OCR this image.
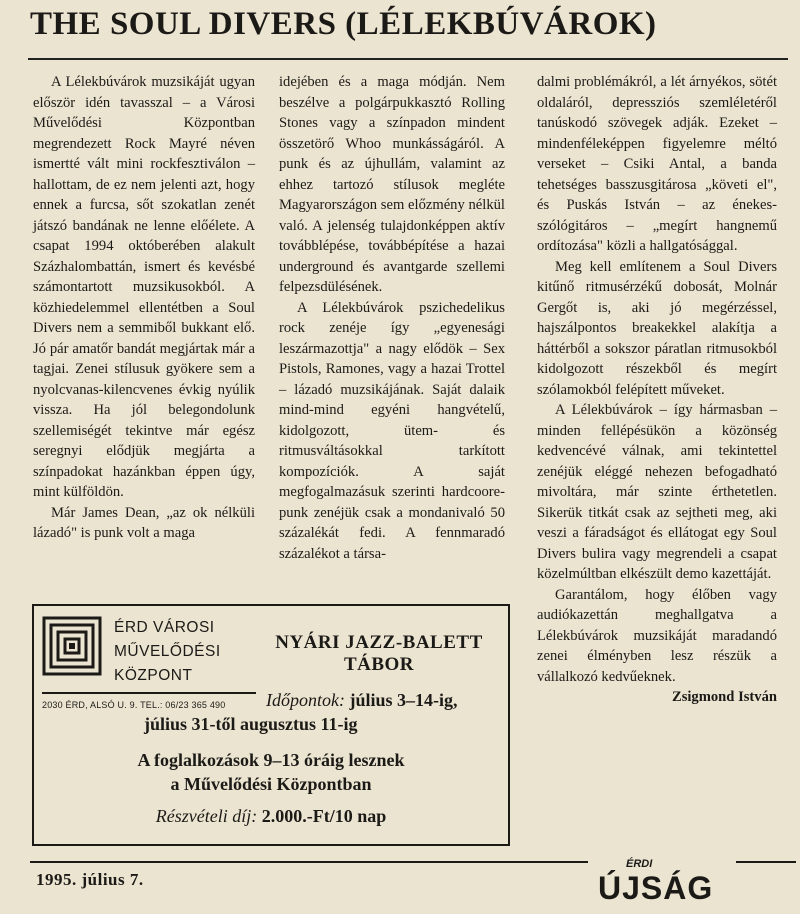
THE SOUL DIVERS (LÉLEKBÚVÁROK)

A Lélekbúvárok muzsikáját ugyan először idén tavasszal – a Városi Művelődési Központban megrendezett Rock Mayré néven ismertté vált mini rockfesztiválon – hallottam, de ez nem jelenti azt, hogy ennek a furcsa, sőt szokatlan zenét játszó bandának ne lenne előélete. A csapat 1994 októberében alakult Százhalombattán, ismert és kevésbé számontartott muzsikusokból. A közhiedelemmel ellentétben a Soul Divers nem a semmiből bukkant elő. Jó pár amatőr bandát megjártak már a tagjai. Zenei stílusuk gyökere sem a nyolcvanas-kilencvenes évkig nyúlik vissza. Ha jól belegondolunk szellemiségét tekintve már egész seregnyi elődjük megjárta a színpadokat hazánkban éppen úgy, mint külföldön.

Már James Dean, „az ok nélküli lázadó" is punk volt a maga

idejében és a maga módján. Nem beszélve a polgárpukkasztó Rolling Stones vagy a színpadon mindent összetörő Whoo munkásságáról. A punk és az újhullám, valamint az ehhez tartozó stílusok megléte Magyarországon sem előzmény nélkül való. A jelenség tulajdonképpen aktív továbblépése, továbbépítése a hazai underground és avantgarde szellemi felpezsdülésének.

A Lélekbúvárok pszichedelikus rock zenéje így „egyenesági leszármazottja" a nagy elődök – Sex Pistols, Ramones, vagy a hazai Trottel – lázadó muzsikájának. Saját dalaik mind-mind egyéni hangvételű, kidolgozott, ütem- és ritmusváltásokkal tarkított kompozíciók. A saját megfogalmazásuk szerinti hardcoore-punk zenéjük csak a mondanivaló 50 százalékát fedi. A fennmaradó százalékot a társa-

dalmi problémákról, a lét árnyékos, sötét oldaláról, depressziós szemléletéről tanúskodó szövegek adják. Ezeket – mindenféleképpen figyelemre méltó verseket – Csiki Antal, a banda tehetséges basszusgitárosa „követi el", és Puskás István – az énekes-szólógitáros – „megírt hangnemű ordítozása" közli a hallgatósággal.

Meg kell említenem a Soul Divers kitűnő ritmusérzékű dobosát, Molnár Gergőt is, aki jó megérzéssel, hajszálpontos breakekkel alakítja a háttérből a sokszor páratlan ritmusokból kidolgozott részekből és megírt szólamokból felépített műveket.

A Lélekbúvárok – így hármasban – minden fellépésükön a közönség kedvencévé válnak, ami tekintettel zenéjük eléggé nehezen befogadható mivoltára, már szinte érthetetlen. Sikerük titkát csak az sejtheti meg, aki veszi a fáradságot és ellátogat egy Soul Divers bulira vagy megrendeli a csapat közelmúltban elkészült demo kazettáját.

Garantálom, hogy élőben vagy audiókazettán meghallgatva a Lélekbúvárok muzsikáját maradandó zenei élményben lesz részük a vállalkozó kedvűeknek.

Zsigmond István

ÉRD VÁROSI
MŰVELŐDÉSI
KÖZPONT
2030 ÉRD, ALSÓ U. 9. TEL.: 06/23 365 490
NYÁRI JAZZ-BALETT
TÁBOR
Időpontok: július 3–14-ig,
július 31-től augusztus 11-ig
A foglalkozások 9–13 óráig lesznek
a Művelődési Központban
Részvételi díj: 2.000.-Ft/10 nap
1995. július 7.
ÉRDI
ÚJSÁG
